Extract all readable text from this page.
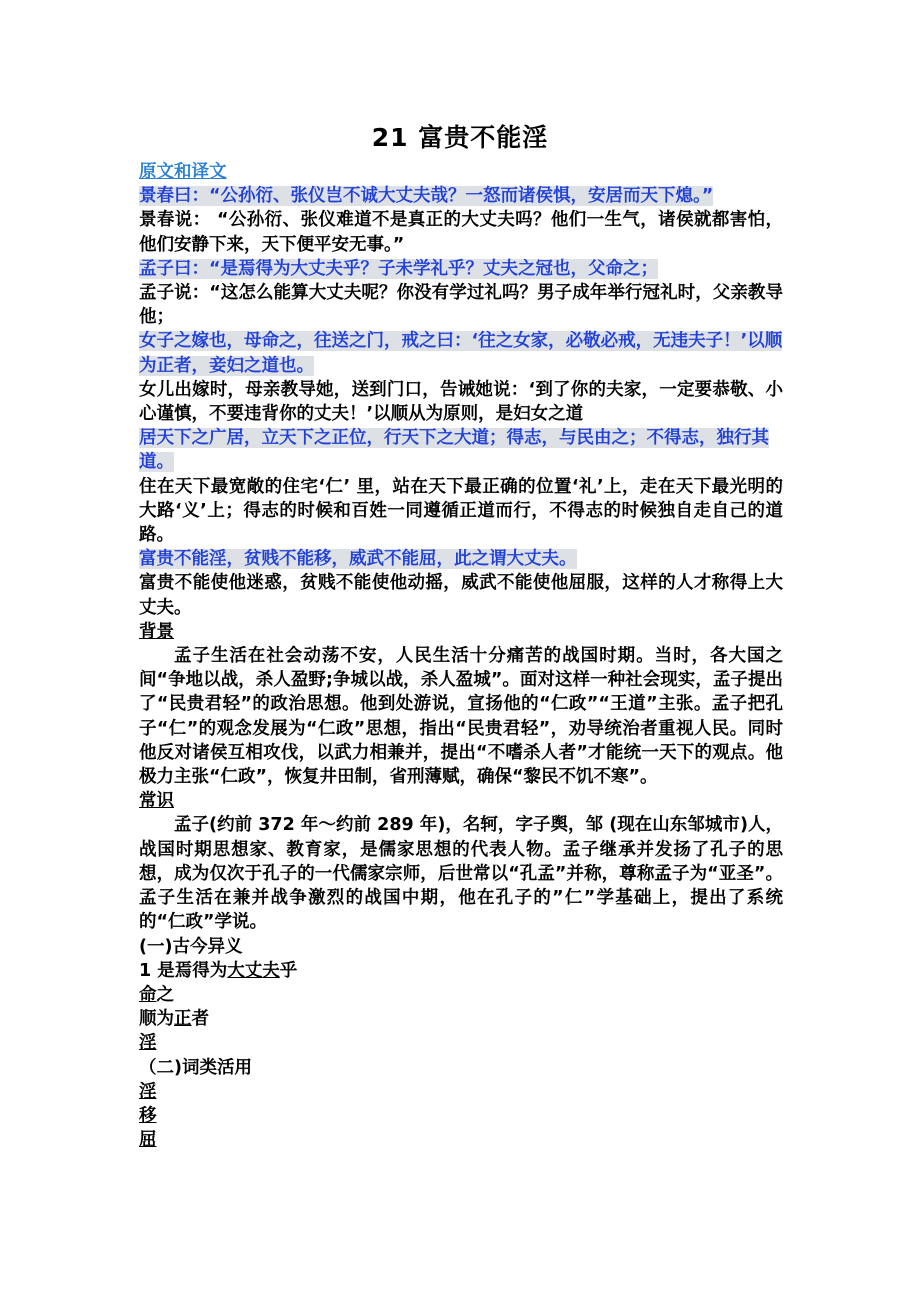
21 富贵不能淫

原文和译文

景春曰：“公孙衍、张仪岂不诚大丈夫哉？一怒而诸侯惧，安居而天下熄。”

景春说： “公孙衍、张仪难道不是真正的大丈夫吗？他们一生气，诸侯就都害怕，他们安静下来，天下便平安无事。”

孟子曰：“是焉得为大丈夫乎？子未学礼乎？丈夫之冠也，父命之；

孟子说：“这怎么能算大丈夫呢？你没有学过礼吗？男子成年举行冠礼时，父亲教导他；

女子之嫁也，母命之，往送之门，戒之曰：‘往之女家，必敬必戒，无违夫子！’以顺为正者，妾妇之道也。

女儿出嫁时，母亲教导她，送到门口，告诫她说：‘到了你的夫家，一定要恭敬、小心谨慎，不要违背你的丈夫！’以顺从为原则，是妇女之道

居天下之广居，立天下之正位，行天下之大道；得志，与民由之；不得志，独行其道。

住在天下最宽敞的住宅‘仁’ 里，站在天下最正确的位置‘礼’上，走在天下最光明的大路‘义’上；得志的时候和百姓一同遵循正道而行，不得志的时候独自走自己的道路。

富贵不能淫，贫贱不能移，威武不能屈，此之谓大丈夫。

富贵不能使他迷惑，贫贱不能使他动摇，威武不能使他屈服，这样的人才称得上大丈夫。

背景

孟子生活在社会动荡不安，人民生活十分痛苦的战国时期。当时，各大国之间“争地以战，杀人盈野;争城以战，杀人盈城”。面对这样一种社会现实，孟子提出了“民贵君轻”的政治思想。他到处游说，宣扬他的“仁政”“王道”主张。孟子把孔子“仁”的观念发展为“仁政”思想，指出“民贵君轻”，劝导统治者重视人民。同时他反对诸侯互相攻伐，以武力相兼并，提出“不嗜杀人者”才能统一天下的观点。他极力主张“仁政”，恢复井田制，省刑薄赋，确保“黎民不饥不寒”。

常识

孟子(约前 372 年～约前 289 年)，名轲，字子舆，邹 (现在山东邹城市)人，战国时期思想家、教育家，是儒家思想的代表人物。孟子继承并发扬了孔子的思想，成为仅次于孔子的一代儒家宗师，后世常以“孔孟”并称，尊称孟子为“亚圣”。孟子生活在兼并战争激烈的战国中期，他在孔子的”仁”学基础上，提出了系统的“仁政”学说。

(一)古今异义

1 是焉得为大丈夫乎

命之

顺为正者

淫

（二)词类活用

淫

移

屈
